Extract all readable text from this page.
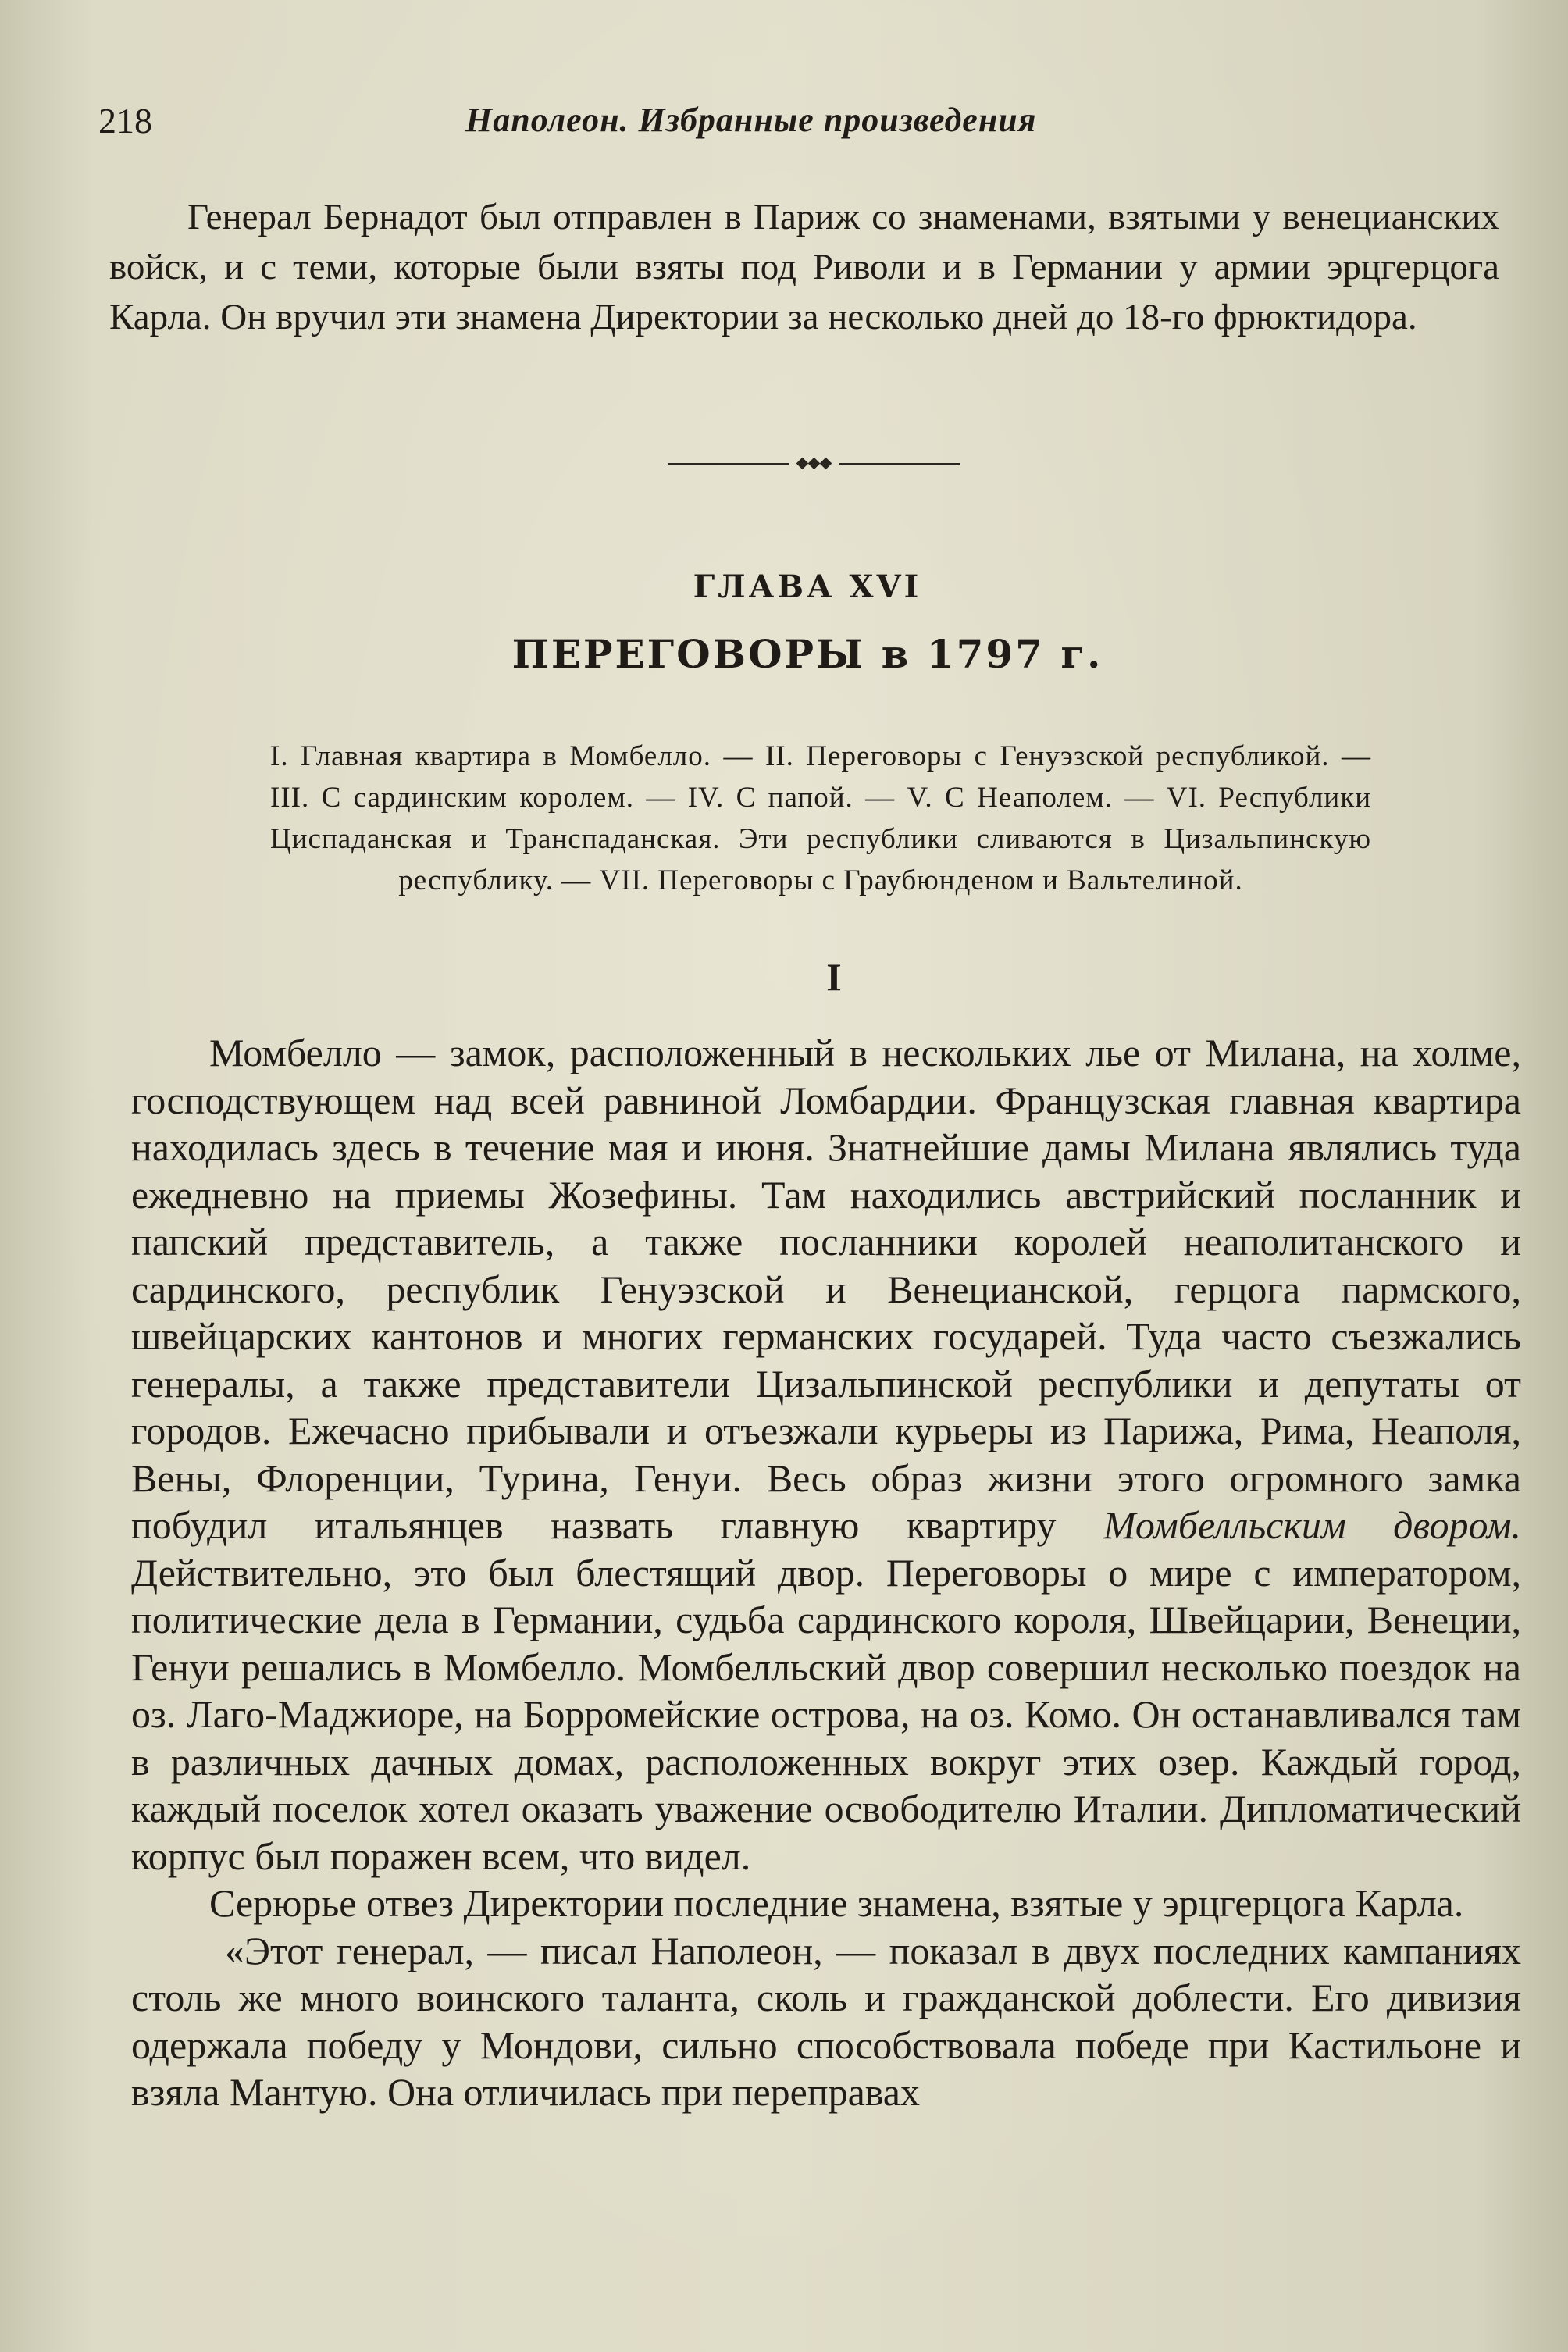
218	Наполеон. Избранные произведения

Генерал Бернадот был отправлен в Париж со знаменами, взятыми у венецианских войск, и с теми, которые были взяты под Риволи и в Германии у армии эрцгерцога Карла. Он вручил эти знамена Директории за несколько дней до 18-го фрюктидора.

ГЛАВА XVI
ПЕРЕГОВОРЫ в 1797 г.

I. Главная квартира в Момбелло. — II. Переговоры с Генуэзской республикой. — III. С сардинским королем. — IV. С папой. — V. С Неаполем. — VI. Республики Циспаданская и Транспаданская. Эти республики сливаются в Цизальпинскую республику. — VII. Переговоры с Граубюнденом и Вальтелиной.

I

Момбелло — замок, расположенный в нескольких лье от Милана, на холме, господствующем над всей равниной Ломбардии. Французская главная квартира находилась здесь в течение мая и июня. Знатнейшие дамы Милана являлись туда ежедневно на приемы Жозефины. Там находились австрийский посланник и папский представитель, а также посланники королей неаполитанского и сардинского, республик Генуэзской и Венецианской, герцога пармского, швейцарских кантонов и многих германских государей. Туда часто съезжались генералы, а также представители Цизальпинской республики и депутаты от городов. Ежечасно прибывали и отъезжали курьеры из Парижа, Рима, Неаполя, Вены, Флоренции, Турина, Генуи. Весь образ жизни этого огромного замка побудил итальянцев назвать главную квартиру Момбелльским двором. Действительно, это был блестящий двор. Переговоры о мире с императором, политические дела в Германии, судьба сардинского короля, Швейцарии, Венеции, Генуи решались в Момбелло. Момбелльский двор совершил несколько поездок на оз. Лаго-Маджиоре, на Борромейские острова, на оз. Комо. Он останавливался там в различных дачных домах, расположенных вокруг этих озер. Каждый город, каждый поселок хотел оказать уважение освободителю Италии. Дипломатический корпус был поражен всем, что видел.

Серюрье отвез Директории последние знамена, взятые у эрцгерцога Карла.

«Этот генерал, — писал Наполеон, — показал в двух последних кампаниях столь же много воинского таланта, сколь и гражданской доблести. Его дивизия одержала победу у Мондови, сильно способствовала победе при Кастильоне и взяла Мантую. Она отличилась при переправах
